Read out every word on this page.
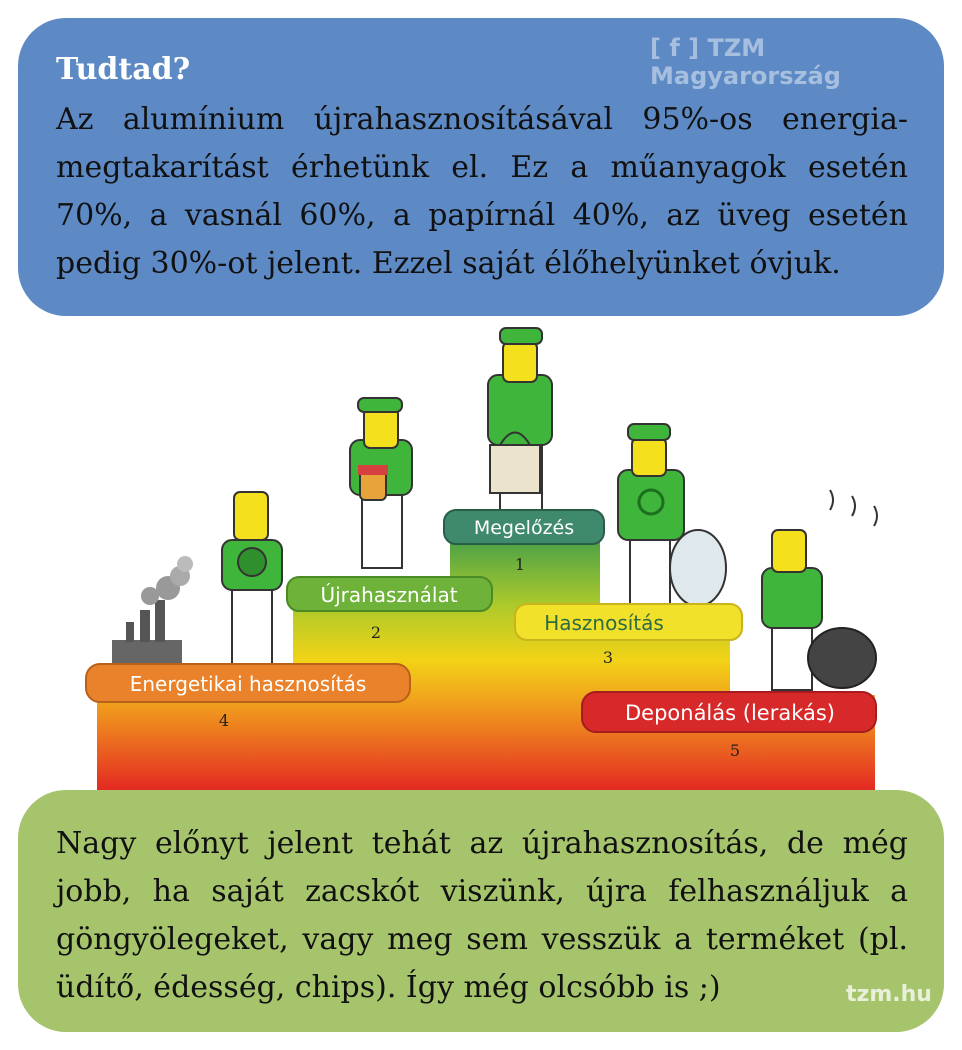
Tudtad?
Az alumínium újrahasznosításával 95%-os energia-megtakarítást érhetünk el. Ez a műanyagok esetén 70%, a vasnál 60%, a papírnál 40%, az üveg esetén pedig 30%-ot jelent. Ezzel saját élőhelyünket óvjuk.
[ f ] TZM Magyarország
Megelőzés
1
Újrahasználat
2	Hasznosítás
3
Energetikai hasznosítás
4	Deponálás (lerakás)
5
Nagy előnyt jelent tehát az újrahasznosítás, de még jobb, ha saját zacskót viszünk, újra felhasználjuk a göngyölegeket, vagy meg sem vesszük a terméket (pl. üdítő, édesség, chips). Így még olcsóbb is ;)	tzm.hu
